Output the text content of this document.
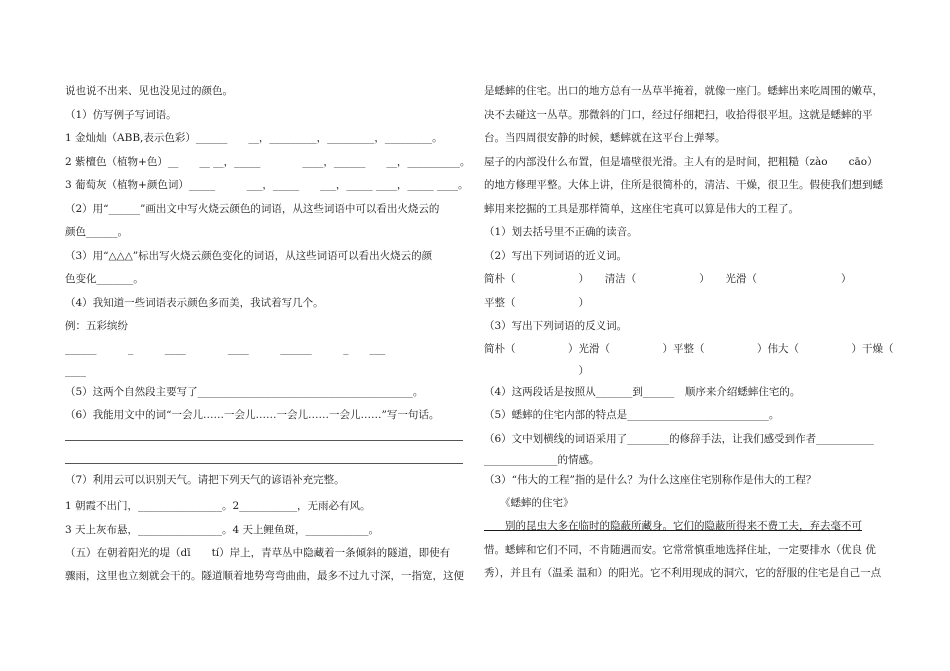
说也说不出来、见也没见过的颜色。
（1）仿写例子写词语。
1 金灿灿（ABB,表示色彩）______　　__，_________，_________，_________。
2 紫檀色（植物+色）__　　__ __，_____　　　　____，______　　__，__________。
3 葡萄灰（植物+颜色词）_____　　　___，_____　　___，_____ ____，_____ ____。
（2）用“______”画出文中写火烧云颜色的词语，从这些词语中可以看出火烧云的
颜色______。
（3）用“△△△”标出写火烧云颜色变化的词语，从这些词语可以看出火烧云的颜
色变化_______。
（4）我知道一些词语表示颜色多而美，我试着写几个。
例：五彩缤纷
______　　　_　　　____　　　　____　　　______　　　_　　___
____
（5）这两个自然段主要写了_________________________________________。
（6）我能用文中的词“一会儿……一会儿……一会儿……一会儿……”写一句话。
（7）利用云可以识别天气。请把下列天气的谚语补充完整。
1 朝霞不出门，________________。2___________，无雨必有风。
3 天上灰布悬，________________。4 天上鲤鱼斑，____________。
（五）在朝着阳光的堤（dī　　tí）岸上，青草丛中隐藏着一条倾斜的隧道，即使有
骤雨，这里也立刻就会干的。隧道顺着地势弯弯曲曲，最多不过九寸深，一指宽，这便
是蟋蟀的住宅。出口的地方总有一丛草半掩着，就像一座门。蟋蟀出来吃周围的嫩草，
决不去碰这一丛草。那微斜的门口，经过仔细耙扫，收拾得很平坦。这就是蟋蟀的平
台。当四周很安静的时候，蟋蟀就在这平台上弹琴。
屋子的内部没什么布置，但是墙壁很光滑。主人有的是时间，把粗糙（zào　　cāo）
的地方修理平整。大体上讲，住所是很简朴的，清洁、干燥，很卫生。假使我们想到蟋
蟀用来挖掘的工具是那样简单，这座住宅真可以算是伟大的工程了。
（1）划去括号里不正确的读音。
（2）写出下列词语的近义词。
简朴（　　　　　　）　　清洁（　　　　　　）　　光滑（　　　　　　　　）
平整（　　　　　　）
（3）写出下列词语的反义词。
简朴（　　　　　）光滑（　　　　　）平整（　　　　　）伟大（　　　　　）干燥（
　　　　　　　　　）
（4）这两段话是按照从_______到______　顺序来介绍蟋蟀住宅的。
（5）蟋蟀的住宅内部的特点是___________________________。
（6）文中划横线的词语采用了________的修辞手法，让我们感受到作者___________
______________的情感。
（3）“伟大的工程”指的是什么？为什么这座住宅别称作是伟大的工程？
《蟋蟀的住宅》
　　别的昆虫大多在临时的隐蔽所藏身。它们的隐蔽所得来不费工夫，弃去毫不可
惜。蟋蟀和它们不同，不肯随遇而安。它常常慎重地选择住址，一定要排水（优良 优
秀），并且有（温柔 温和）的阳光。它不利用现成的洞穴，它的舒服的住宅是自己一点
